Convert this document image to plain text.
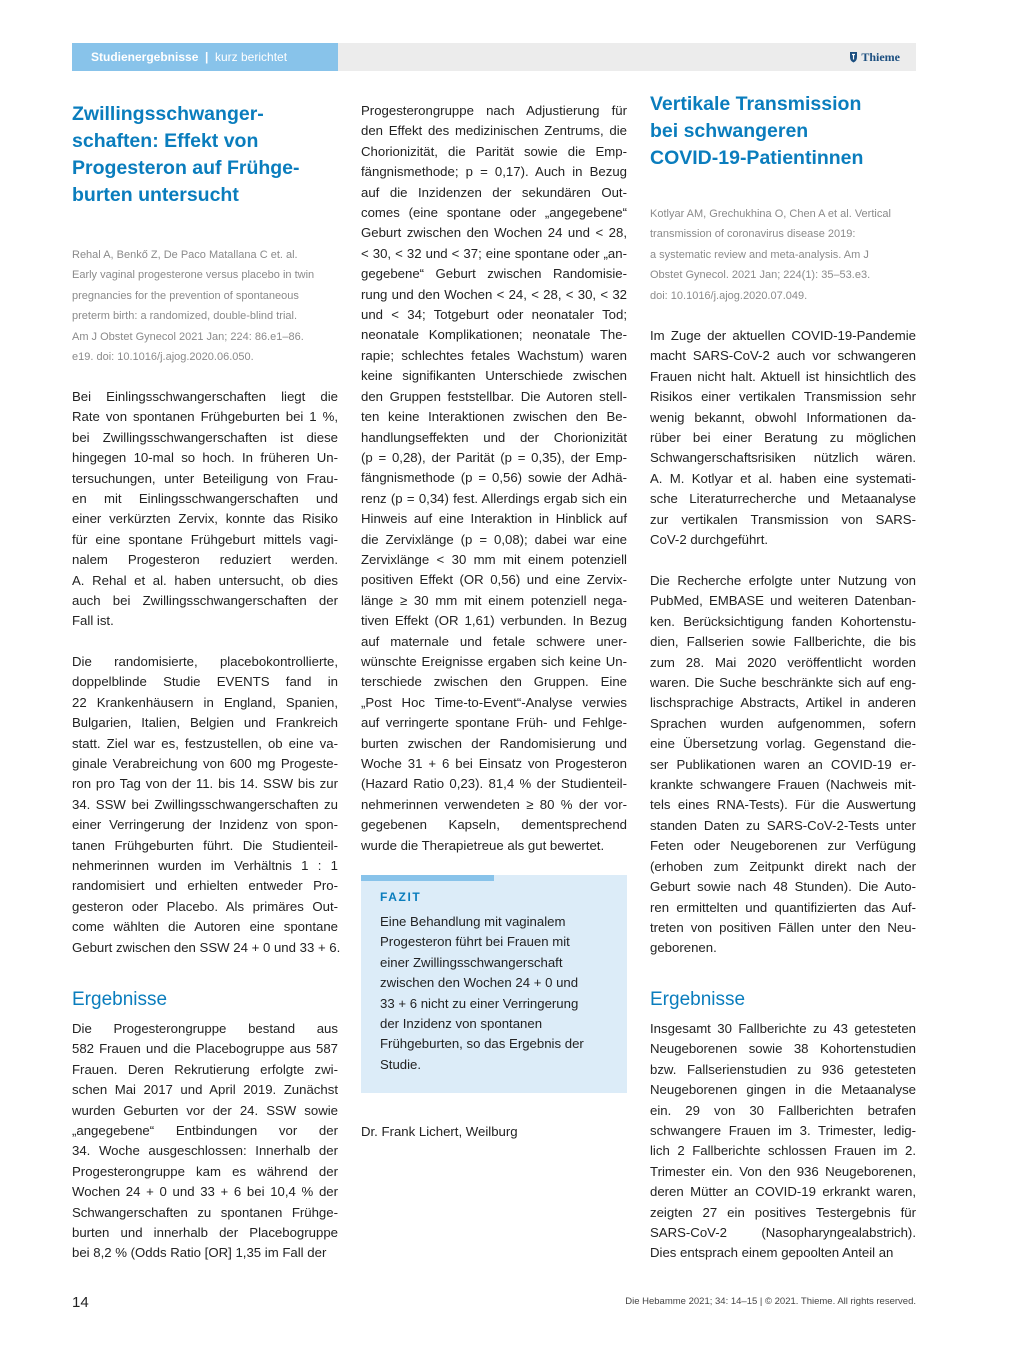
Studienergebnisse | kurz berichtet	Thieme
Zwillingsschwanger-
schaften: Effekt von
Progesteron auf Frühge-
burten untersucht

Rehal A, Benkő Z, De Paco Matallana C et. al.
Early vaginal progesterone versus placebo in twin
pregnancies for the prevention of spontaneous
preterm birth: a randomized, double-blind trial.
Am J Obstet Gynecol 2021 Jan; 224: 86.e1–86.
e19. doi: 10.1016/j.ajog.2020.06.050.

Bei Einlingsschwangerschaften liegt die
Rate von spontanen Frühgeburten bei 1 %,
bei Zwillingsschwangerschaften ist diese
hingegen 10-mal so hoch. In früheren Un-
tersuchungen, unter Beteiligung von Frau-
en mit Einlingsschwangerschaften und
einer verkürzten Zervix, konnte das Risiko
für eine spontane Frühgeburt mittels vagi-
nalem Progesteron reduziert werden.
A. Rehal et al. haben untersucht, ob dies
auch bei Zwillingsschwangerschaften der
Fall ist.

Die randomisierte, placebokontrollierte,
doppelblinde Studie EVENTS fand in
22 Krankenhäusern in England, Spanien,
Bulgarien, Italien, Belgien und Frankreich
statt. Ziel war es, festzustellen, ob eine va-
ginale Verabreichung von 600 mg Progeste-
ron pro Tag von der 11. bis 14. SSW bis zur
34. SSW bei Zwillingsschwangerschaften zu
einer Verringerung der Inzidenz von spon-
tanen Frühgeburten führt. Die Studienteil-
nehmerinnen wurden im Verhältnis 1 : 1
randomisiert und erhielten entweder Pro-
gesteron oder Placebo. Als primäres Out-
come wählten die Autoren eine spontane
Geburt zwischen den SSW 24 + 0 und 33 + 6.

Ergebnisse

Die Progesterongruppe bestand aus
582 Frauen und die Placebogruppe aus 587
Frauen. Deren Rekrutierung erfolgte zwi-
schen Mai 2017 und April 2019. Zunächst
wurden Geburten vor der 24. SSW sowie
„angegebene“ Entbindungen vor der
34. Woche ausgeschlossen: Innerhalb der
Progesterongruppe kam es während der
Wochen 24 + 0 und 33 + 6 bei 10,4 % der
Schwangerschaften zu spontanen Frühge-
burten und innerhalb der Placebogruppe
bei 8,2 % (Odds Ratio [OR] 1,35 im Fall der

Progesterongruppe nach Adjustierung für
den Effekt des medizinischen Zentrums, die
Chorionizität, die Parität sowie die Emp-
fängnismethode; p = 0,17). Auch in Bezug
auf die Inzidenzen der sekundären Out-
comes (eine spontane oder „angegebene“
Geburt zwischen den Wochen 24 und < 28,
< 30, < 32 und < 37; eine spontane oder „an-
gegebene“ Geburt zwischen Randomisie-
rung und den Wochen < 24, < 28, < 30, < 32
und < 34; Totgeburt oder neonataler Tod;
neonatale Komplikationen; neonatale The-
rapie; schlechtes fetales Wachstum) waren
keine signifikanten Unterschiede zwischen
den Gruppen feststellbar. Die Autoren stell-
ten keine Interaktionen zwischen den Be-
handlungseffekten und der Chorionizität
(p = 0,28), der Parität (p = 0,35), der Emp-
fängnismethode (p = 0,56) sowie der Adhä-
renz (p = 0,34) fest. Allerdings ergab sich ein
Hinweis auf eine Interaktion in Hinblick auf
die Zervixlänge (p = 0,08); dabei war eine
Zervixlänge < 30 mm mit einem potenziell
positiven Effekt (OR 0,56) und eine Zervix-
länge ≥ 30 mm mit einem potenziell nega-
tiven Effekt (OR 1,61) verbunden. In Bezug
auf maternale und fetale schwere uner-
wünschte Ereignisse ergaben sich keine Un-
terschiede zwischen den Gruppen. Eine
„Post Hoc Time-to-Event“-Analyse verwies
auf verringerte spontane Früh- und Fehlge-
burten zwischen der Randomisierung und
Woche 31 + 6 bei Einsatz von Progesteron
(Hazard Ratio 0,23). 81,4 % der Studienteil-
nehmerinnen verwendeten ≥ 80 % der vor-
gegebenen Kapseln, dementsprechend
wurde die Therapietreue als gut bewertet.

FAZIT

Eine Behandlung mit vaginalem
Progesteron führt bei Frauen mit
einer Zwillingsschwangerschaft
zwischen den Wochen 24 + 0 und
33 + 6 nicht zu einer Verringerung
der Inzidenz von spontanen
Frühgeburten, so das Ergebnis der
Studie.

Dr. Frank Lichert, Weilburg

Vertikale Transmission
bei schwangeren
COVID-19-Patientinnen

Kotlyar AM, Grechukhina O, Chen A et al. Vertical
transmission of coronavirus disease 2019:
a systematic review and meta-analysis. Am J
Obstet Gynecol. 2021 Jan; 224(1): 35–53.e3.
doi: 10.1016/j.ajog.2020.07.049.

Im Zuge der aktuellen COVID-19-Pandemie
macht SARS-CoV-2 auch vor schwangeren
Frauen nicht halt. Aktuell ist hinsichtlich des
Risikos einer vertikalen Transmission sehr
wenig bekannt, obwohl Informationen da-
rüber bei einer Beratung zu möglichen
Schwangerschaftsrisiken nützlich wären.
A. M. Kotlyar et al. haben eine systemati-
sche Literaturrecherche und Metaanalyse
zur vertikalen Transmission von SARS-
CoV-2 durchgeführt.

Die Recherche erfolgte unter Nutzung von
PubMed, EMBASE und weiteren Datenban-
ken. Berücksichtigung fanden Kohortenstu-
dien, Fallserien sowie Fallberichte, die bis
zum 28. Mai 2020 veröffentlicht worden
waren. Die Suche beschränkte sich auf eng-
lischsprachige Abstracts, Artikel in anderen
Sprachen wurden aufgenommen, sofern
eine Übersetzung vorlag. Gegenstand die-
ser Publikationen waren an COVID-19 er-
krankte schwangere Frauen (Nachweis mit-
tels eines RNA-Tests). Für die Auswertung
standen Daten zu SARS-CoV-2-Tests unter
Feten oder Neugeborenen zur Verfügung
(erhoben zum Zeitpunkt direkt nach der
Geburt sowie nach 48 Stunden). Die Auto-
ren ermittelten und quantifizierten das Auf-
treten von positiven Fällen unter den Neu-
geborenen.

Ergebnisse

Insgesamt 30 Fallberichte zu 43 getesteten
Neugeborenen sowie 38 Kohortenstudien
bzw. Fallserienstudien zu 936 getesteten
Neugeborenen gingen in die Metaanalyse
ein. 29 von 30 Fallberichten betrafen
schwangere Frauen im 3. Trimester, ledig-
lich 2 Fallberichte schlossen Frauen im 2.
Trimester ein. Von den 936 Neugeborenen,
deren Mütter an COVID-19 erkrankt waren,
zeigten 27 ein positives Testergebnis für
SARS-CoV-2 (Nasopharyngealabstrich).
Dies entsprach einem gepoolten Anteil an

14	Die Hebamme 2021; 34: 14–15 | © 2021. Thieme. All rights reserved.
